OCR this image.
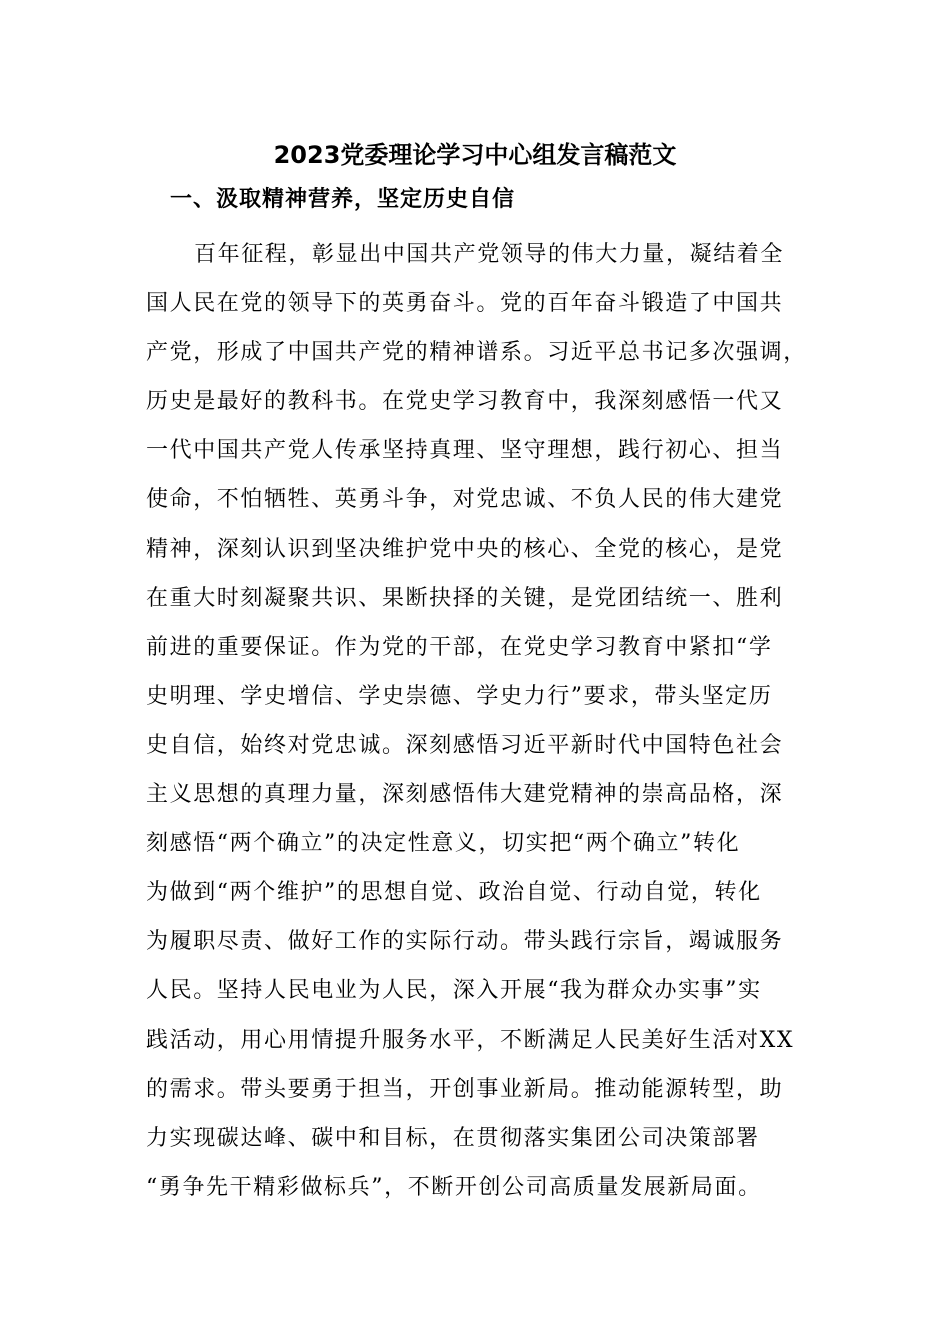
2023党委理论学习中心组发言稿范文
一、汲取精神营养，坚定历史自信
百年征程，彰显出中国共产党领导的伟大力量，凝结着全
国人民在党的领导下的英勇奋斗。党的百年奋斗锻造了中国共
产党，形成了中国共产党的精神谱系。习近平总书记多次强调，
历史是最好的教科书。在党史学习教育中，我深刻感悟一代又
一代中国共产党人传承坚持真理、坚守理想，践行初心、担当
使命，不怕牺牲、英勇斗争，对党忠诚、不负人民的伟大建党
精神，深刻认识到坚决维护党中央的核心、全党的核心，是党
在重大时刻凝聚共识、果断抉择的关键，是党团结统一、胜利
前进的重要保证。作为党的干部，在党史学习教育中紧扣“学
史明理、学史增信、学史崇德、学史力行”要求，带头坚定历
史自信，始终对党忠诚。深刻感悟习近平新时代中国特色社会
主义思想的真理力量，深刻感悟伟大建党精神的崇高品格，深
刻感悟“两个确立”的决定性意义，切实把“两个确立”转化
为做到“两个维护”的思想自觉、政治自觉、行动自觉，转化
为履职尽责、做好工作的实际行动。带头践行宗旨，竭诚服务
人民。坚持人民电业为人民，深入开展“我为群众办实事”实
践活动，用心用情提升服务水平，不断满足人民美好生活对XX
的需求。带头要勇于担当，开创事业新局。推动能源转型，助
力实现碳达峰、碳中和目标，在贯彻落实集团公司决策部署
“勇争先干精彩做标兵”，不断开创公司高质量发展新局面。
